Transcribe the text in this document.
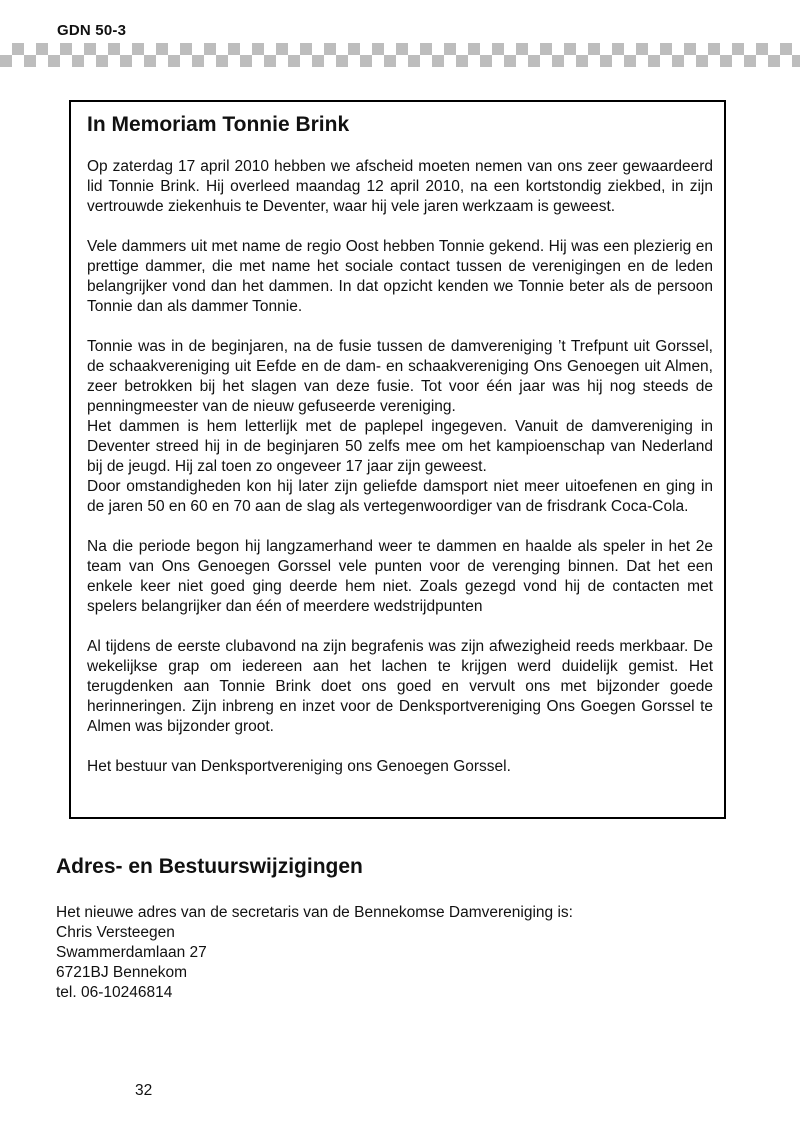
GDN 50-3
In Memoriam Tonnie Brink

Op zaterdag 17 april 2010 hebben we afscheid moeten nemen van ons zeer gewaardeerd lid Tonnie Brink. Hij overleed maandag 12 april 2010, na een kortstondig ziekbed, in zijn vertrouwde ziekenhuis te Deventer, waar hij vele jaren werkzaam is geweest.

Vele dammers uit met name de regio Oost hebben Tonnie gekend. Hij was een plezierig en prettige dammer, die met name het sociale contact tussen de verenigingen en de leden belangrijker vond dan het dammen. In dat opzicht kenden we Tonnie beter als de persoon Tonnie dan als dammer Tonnie.

Tonnie was in de beginjaren, na de fusie tussen de damvereniging ’t Trefpunt uit Gorssel, de schaakvereniging uit Eefde en de dam- en schaakvereniging Ons Genoegen uit Almen, zeer betrokken bij het slagen van deze fusie. Tot voor één jaar was hij nog steeds de penningmeester van de nieuw gefuseerde vereniging.

Het dammen is hem letterlijk met de paplepel ingegeven. Vanuit de damvereniging in Deventer streed hij in de beginjaren 50 zelfs mee om het kampioenschap van Nederland bij de jeugd. Hij zal toen zo ongeveer 17 jaar zijn geweest.

Door omstandigheden kon hij later zijn geliefde damsport niet meer uitoefenen en ging in de jaren 50 en 60 en 70 aan de slag als vertegenwoordiger van de frisdrank Coca-Cola.

Na die periode begon hij langzamerhand weer te dammen en haalde als speler in het 2e team van Ons Genoegen Gorssel vele punten voor de verenging binnen. Dat het een enkele keer niet goed ging deerde hem niet. Zoals gezegd vond hij de contacten met spelers belangrijker dan één of meerdere wedstrijdpunten

Al tijdens de eerste clubavond na zijn begrafenis was zijn afwezigheid reeds merkbaar. De wekelijkse grap om iedereen aan het lachen te krijgen werd duidelijk gemist. Het terugdenken aan Tonnie Brink doet ons goed en vervult ons met bijzonder goede herinneringen. Zijn inbreng en inzet voor de Denksportvereniging Ons Goegen Gorssel te Almen was bijzonder groot.

Het bestuur van Denksportvereniging ons Genoegen Gorssel.

Adres- en Bestuurswijzigingen
Het nieuwe adres van de secretaris van de Bennekomse Damvereniging is:
Chris Versteegen
Swammerdamlaan 27
6721BJ Bennekom
tel. 06-10246814
32
